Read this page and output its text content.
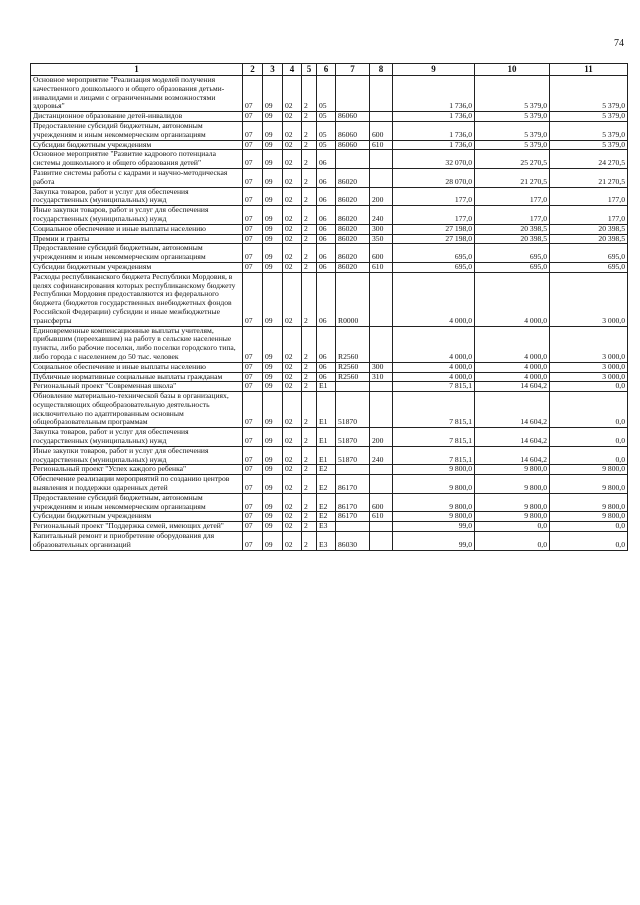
74
1	2	3	4	5	6	7	8	9	10	11
Основное мероприятие "Реализация моделей получения качественного дошкольного и общего образования детьми-инвалидами и лицами с ограниченными возможностями здоровья"	07	09	02	2	05			1 736,0	5 379,0	5 379,0
Дистанционное образование детей-инвалидов	07	09	02	2	05	86060		1 736,0	5 379,0	5 379,0
Предоставление субсидий бюджетным, автономным учреждениям и иным некоммерческим организациям	07	09	02	2	05	86060	600	1 736,0	5 379,0	5 379,0
Субсидии бюджетным учреждениям	07	09	02	2	05	86060	610	1 736,0	5 379,0	5 379,0
Основное мероприятие "Развитие кадрового потенциала системы дошкольного и общего образования детей"	07	09	02	2	06			32 070,0	25 270,5	24 270,5
Развитие системы работы с кадрами и научно-методическая работа	07	09	02	2	06	86020		28 070,0	21 270,5	21 270,5
Закупка товаров, работ и услуг для обеспечения государственных (муниципальных) нужд	07	09	02	2	06	86020	200	177,0	177,0	177,0
Иные закупки товаров, работ и услуг для обеспечения государственных (муниципальных) нужд	07	09	02	2	06	86020	240	177,0	177,0	177,0
Социальное обеспечение и иные выплаты населению	07	09	02	2	06	86020	300	27 198,0	20 398,5	20 398,5
Премии и гранты	07	09	02	2	06	86020	350	27 198,0	20 398,5	20 398,5
Предоставление субсидий бюджетным, автономным учреждениям и иным некоммерческим организациям	07	09	02	2	06	86020	600	695,0	695,0	695,0
Субсидии бюджетным учреждениям	07	09	02	2	06	86020	610	695,0	695,0	695,0
Расходы республиканского бюджета Республики Мордовия, в целях софинансирования которых республиканскому бюджету Республики Мордовия предоставляются из федерального бюджета (бюджетов государственных внебюджетных фондов Российской Федерации) субсидии и иные межбюджетные трансферты	07	09	02	2	06	R0000		4 000,0	4 000,0	3 000,0
Единовременные компенсационные выплаты учителям, прибывшим (переехавшим) на работу в сельские населенные пункты, либо рабочие поселки, либо поселки городского типа, либо города с населением до 50 тыс. человек	07	09	02	2	06	R2560		4 000,0	4 000,0	3 000,0
Социальное обеспечение и иные выплаты населению	07	09	02	2	06	R2560	300	4 000,0	4 000,0	3 000,0
Публичные нормативные социальные выплаты гражданам	07	09	02	2	06	R2560	310	4 000,0	4 000,0	3 000,0
Региональный проект "Современная школа"	07	09	02	2	E1			7 815,1	14 604,2	0,0
Обновление материально-технической базы в организациях, осуществляющих общеобразовательную деятельность исключительно по адаптированным основным общеобразовательным программам	07	09	02	2	E1	51870		7 815,1	14 604,2	0,0
Закупка товаров, работ и услуг для обеспечения государственных (муниципальных) нужд	07	09	02	2	E1	51870	200	7 815,1	14 604,2	0,0
Иные закупки товаров, работ и услуг для обеспечения государственных (муниципальных) нужд	07	09	02	2	E1	51870	240	7 815,1	14 604,2	0,0
Региональный проект "Успех каждого ребенка"	07	09	02	2	E2			9 800,0	9 800,0	9 800,0
Обеспечение реализации мероприятий по созданию центров выявления и поддержки одаренных детей	07	09	02	2	E2	86170		9 800,0	9 800,0	9 800,0
Предоставление субсидий бюджетным, автономным учреждениям и иным некоммерческим организациям	07	09	02	2	E2	86170	600	9 800,0	9 800,0	9 800,0
Субсидии бюджетным учреждениям	07	09	02	2	E2	86170	610	9 800,0	9 800,0	9 800,0
Региональный проект "Поддержка семей, имеющих детей"	07	09	02	2	E3			99,0	0,0	0,0
Капитальный ремонт и приобретение оборудования для образовательных организаций	07	09	02	2	E3	86030		99,0	0,0	0,0
